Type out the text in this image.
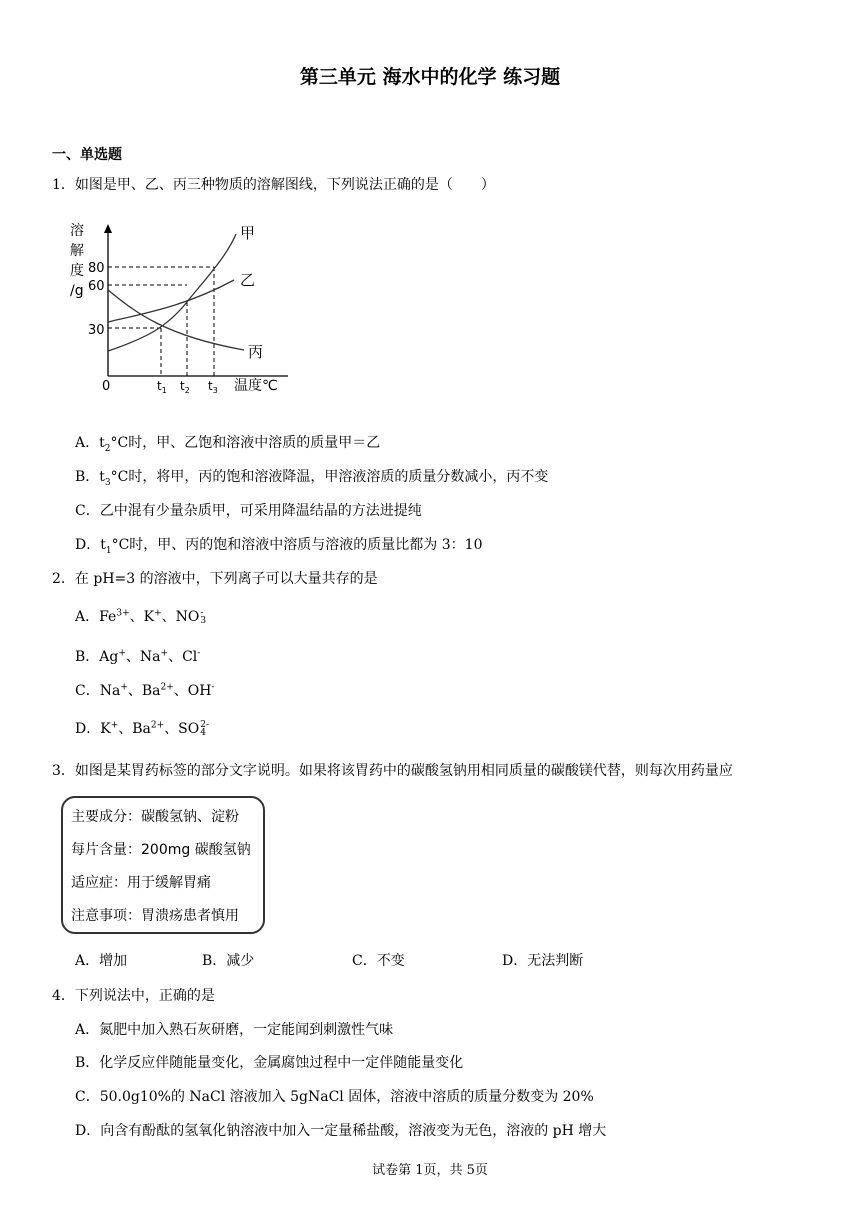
第三单元 海水中的化学 练习题
一、单选题
1．如图是甲、乙、丙三种物质的溶解图线，下列说法正确的是（　　）
溶
解
度
/g
80
60
30
0	$t_1$ $t_2$ $t_3$ 温度℃
甲
乙
丙
A．$t_2^\circ C$时，甲、乙饱和溶液中溶质的质量甲＝乙
B．$t_3^\circ C$时，将甲，丙的饱和溶液降温，甲溶液溶质的质量分数减小，丙不变
C．乙中混有少量杂质甲，可采用降温结晶的方法进提纯
D．$t_1^\circ C$时，甲、丙的饱和溶液中溶质与溶液的质量比都为 3：10
2．在 pH=3 的溶液中，下列离子可以大量共存的是
A．$Fe^{3+}$、K+、NO -
3
B．Ag+、Na+、Cl-
C．Na+、$Ba^{2+}$、OH-
D．K+、$Ba^{2+}$、SO 2-
4
3．如图是某胃药标签的部分文字说明。如果将该胃药中的碳酸氢钠用相同质量的碳酸镁代替，则每次用药量应
主要成分：碳酸氢钠、淀粉
每片含量：200mg 碳酸氢钠
适应症：用于缓解胃痛
注意事项：胃溃疡患者慎用
A．增加	B．减少	C．不变	D．无法判断
4．下列说法中，正确的是
A．氮肥中加入熟石灰研磨，一定能闻到刺激性气味
B．化学反应伴随能量变化，金属腐蚀过程中一定伴随能量变化
C．50.0g10%的 NaCl 溶液加入 5gNaCl 固体，溶液中溶质的质量分数变为 20%
D．向含有酚酞的氢氧化钠溶液中加入一定量稀盐酸，溶液变为无色，溶液的 pH 增大
试卷第 1页，共 5页
